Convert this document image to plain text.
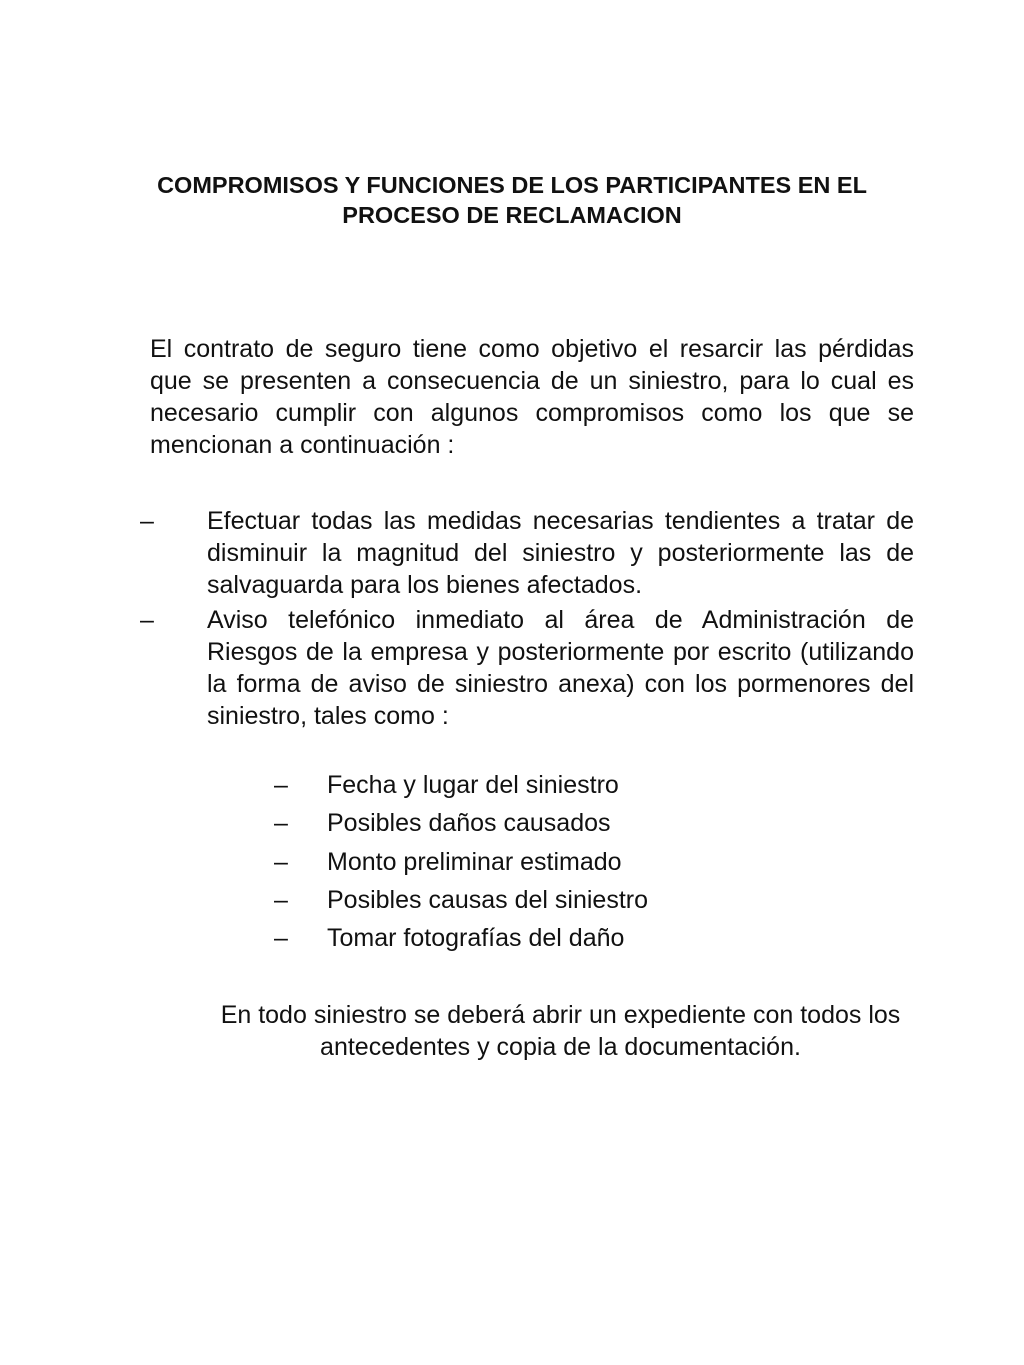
COMPROMISOS Y FUNCIONES DE LOS PARTICIPANTES EN EL
PROCESO DE RECLAMACION

El contrato de seguro tiene como objetivo el resarcir las pérdidas que se presenten a consecuencia de un siniestro, para lo cual es necesario cumplir con algunos compromisos como los que se mencionan a continuación :

– Efectuar todas las medidas necesarias tendientes a tratar de disminuir la magnitud del siniestro y posteriormente las de salvaguarda para los bienes afectados.
– Aviso telefónico inmediato al área de Administración de Riesgos de la empresa y posteriormente por escrito (utilizando la forma de aviso de siniestro anexa) con los pormenores del siniestro, tales como :
– Fecha y lugar del siniestro
– Posibles daños causados
– Monto preliminar estimado
– Posibles causas del siniestro
– Tomar fotografías del daño

En todo siniestro se deberá abrir un expediente con todos los antecedentes y copia de la documentación.
